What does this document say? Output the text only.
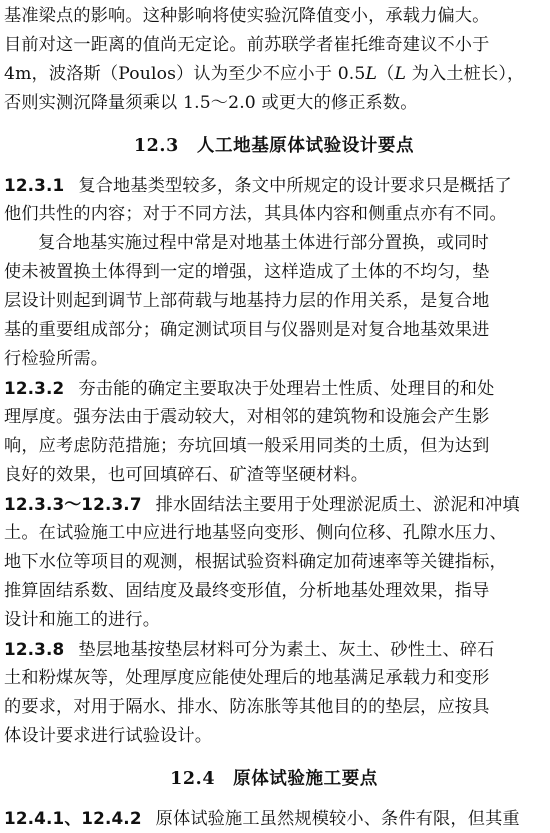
基准梁点的影响。这种影响将使实验沉降值变小，承载力偏大。
目前对这一距离的值尚无定论。前苏联学者崔托维奇建议不小于
4m，波洛斯（Poulos）认为至少不应小于 0.5L（L 为入土桩长），
否则实测沉降量须乘以 1.5～2.0 或更大的修正系数。
12.3 人工地基原体试验设计要点
12.3.1 复合地基类型较多，条文中所规定的设计要求只是概括了
他们共性的内容；对于不同方法，其具体内容和侧重点亦有不同。
复合地基实施过程中常是对地基土体进行部分置换，或同时
使未被置换土体得到一定的增强，这样造成了土体的不均匀，垫
层设计则起到调节上部荷载与地基持力层的作用关系，是复合地
基的重要组成部分；确定测试项目与仪器则是对复合地基效果进
行检验所需。
12.3.2 夯击能的确定主要取决于处理岩土性质、处理目的和处
理厚度。强夯法由于震动较大，对相邻的建筑物和设施会产生影
响，应考虑防范措施；夯坑回填一般采用同类的土质，但为达到
良好的效果，也可回填碎石、矿渣等坚硬材料。
12.3.3～12.3.7 排水固结法主要用于处理淤泥质土、淤泥和冲填
土。在试验施工中应进行地基竖向变形、侧向位移、孔隙水压力、
地下水位等项目的观测，根据试验资料确定加荷速率等关键指标，
推算固结系数、固结度及最终变形值，分析地基处理效果，指导
设计和施工的进行。
12.3.8 垫层地基按垫层材料可分为素土、灰土、砂性土、碎石
土和粉煤灰等，处理厚度应能使处理后的地基满足承载力和变形
的要求，对用于隔水、排水、防冻胀等其他目的的垫层，应按具
体设计要求进行试验设计。
12.4 原体试验施工要点
12.4.1、12.4.2 原体试验施工虽然规模较小、条件有限，但其重
